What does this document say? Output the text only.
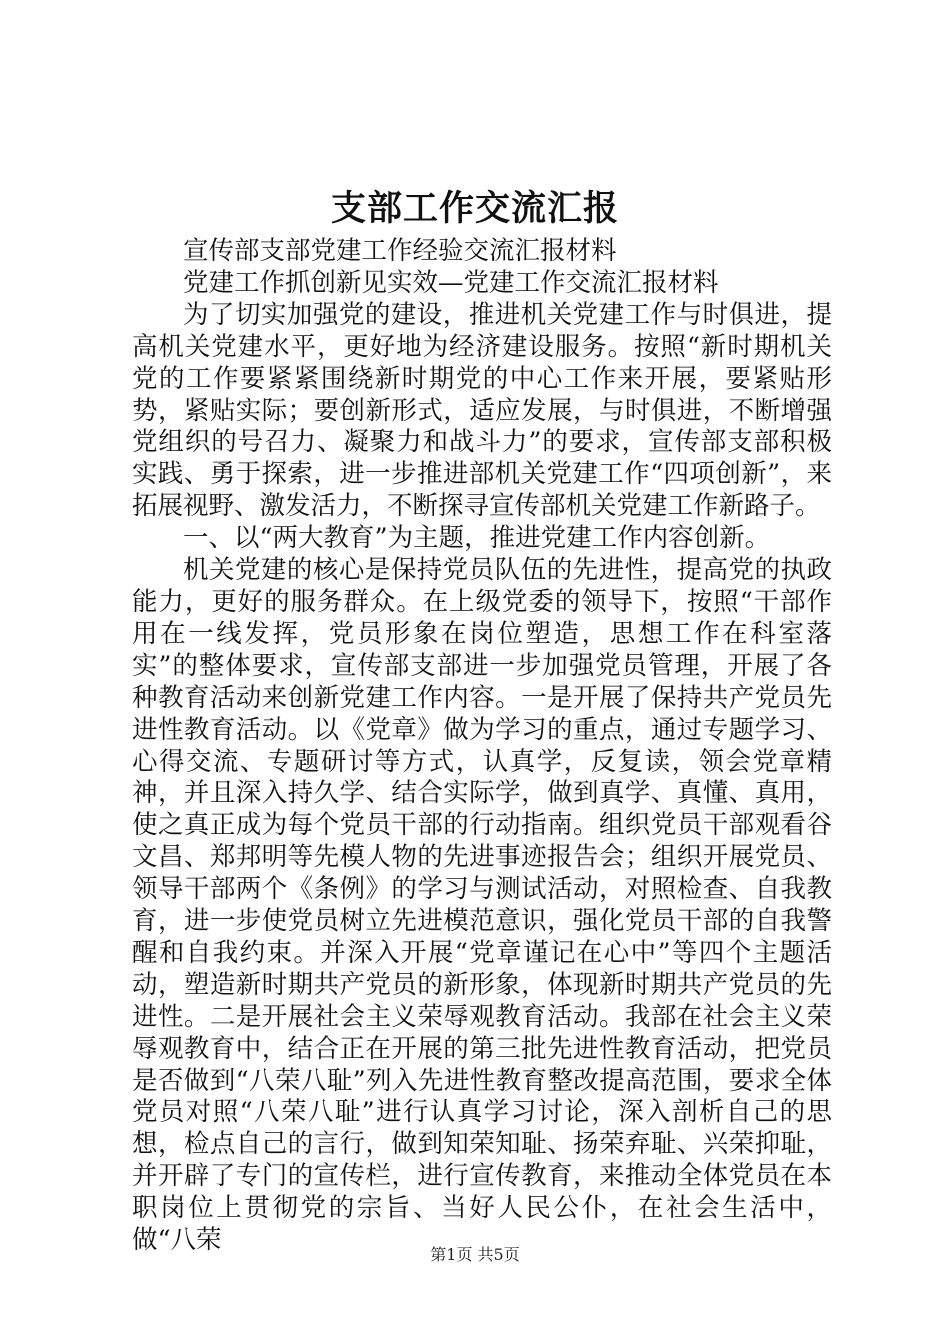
支部工作交流汇报

宣传部支部党建工作经验交流汇报材料

党建工作抓创新见实效—党建工作交流汇报材料

为了切实加强党的建设，推进机关党建工作与时俱进，提高机关党建水平，更好地为经济建设服务。按照“新时期机关党的工作要紧紧围绕新时期党的中心工作来开展，要紧贴形势，紧贴实际；要创新形式，适应发展，与时俱进，不断增强党组织的号召力、凝聚力和战斗力”的要求，宣传部支部积极实践、勇于探索，进一步推进部机关党建工作“四项创新”，来拓展视野、激发活力，不断探寻宣传部机关党建工作新路子。

一、以“两大教育”为主题，推进党建工作内容创新。

机关党建的核心是保持党员队伍的先进性，提高党的执政能力，更好的服务群众。在上级党委的领导下，按照“干部作用在一线发挥，党员形象在岗位塑造，思想工作在科室落实”的整体要求，宣传部支部进一步加强党员管理，开展了各种教育活动来创新党建工作内容。一是开展了保持共产党员先进性教育活动。以《党章》做为学习的重点，通过专题学习、心得交流、专题研讨等方式，认真学，反复读，领会党章精神，并且深入持久学、结合实际学，做到真学、真懂、真用，使之真正成为每个党员干部的行动指南。组织党员干部观看谷文昌、郑邦明等先模人物的先进事迹报告会；组织开展党员、领导干部两个《条例》的学习与测试活动，对照检查、自我教育，进一步使党员树立先进模范意识，强化党员干部的自我警醒和自我约束。并深入开展“党章谨记在心中”等四个主题活动，塑造新时期共产党员的新形象，体现新时期共产党员的先进性。二是开展社会主义荣辱观教育活动。我部在社会主义荣辱观教育中，结合正在开展的第三批先进性教育活动，把党员是否做到“八荣八耻”列入先进性教育整改提高范围，要求全体党员对照“八荣八耻”进行认真学习讨论，深入剖析自己的思想，检点自己的言行，做到知荣知耻、扬荣弃耻、兴荣抑耻，并开辟了专门的宣传栏，进行宣传教育，来推动全体党员在本职岗位上贯彻党的宗旨、当好人民公仆，在社会生活中，做“八荣	第1页 共5页
